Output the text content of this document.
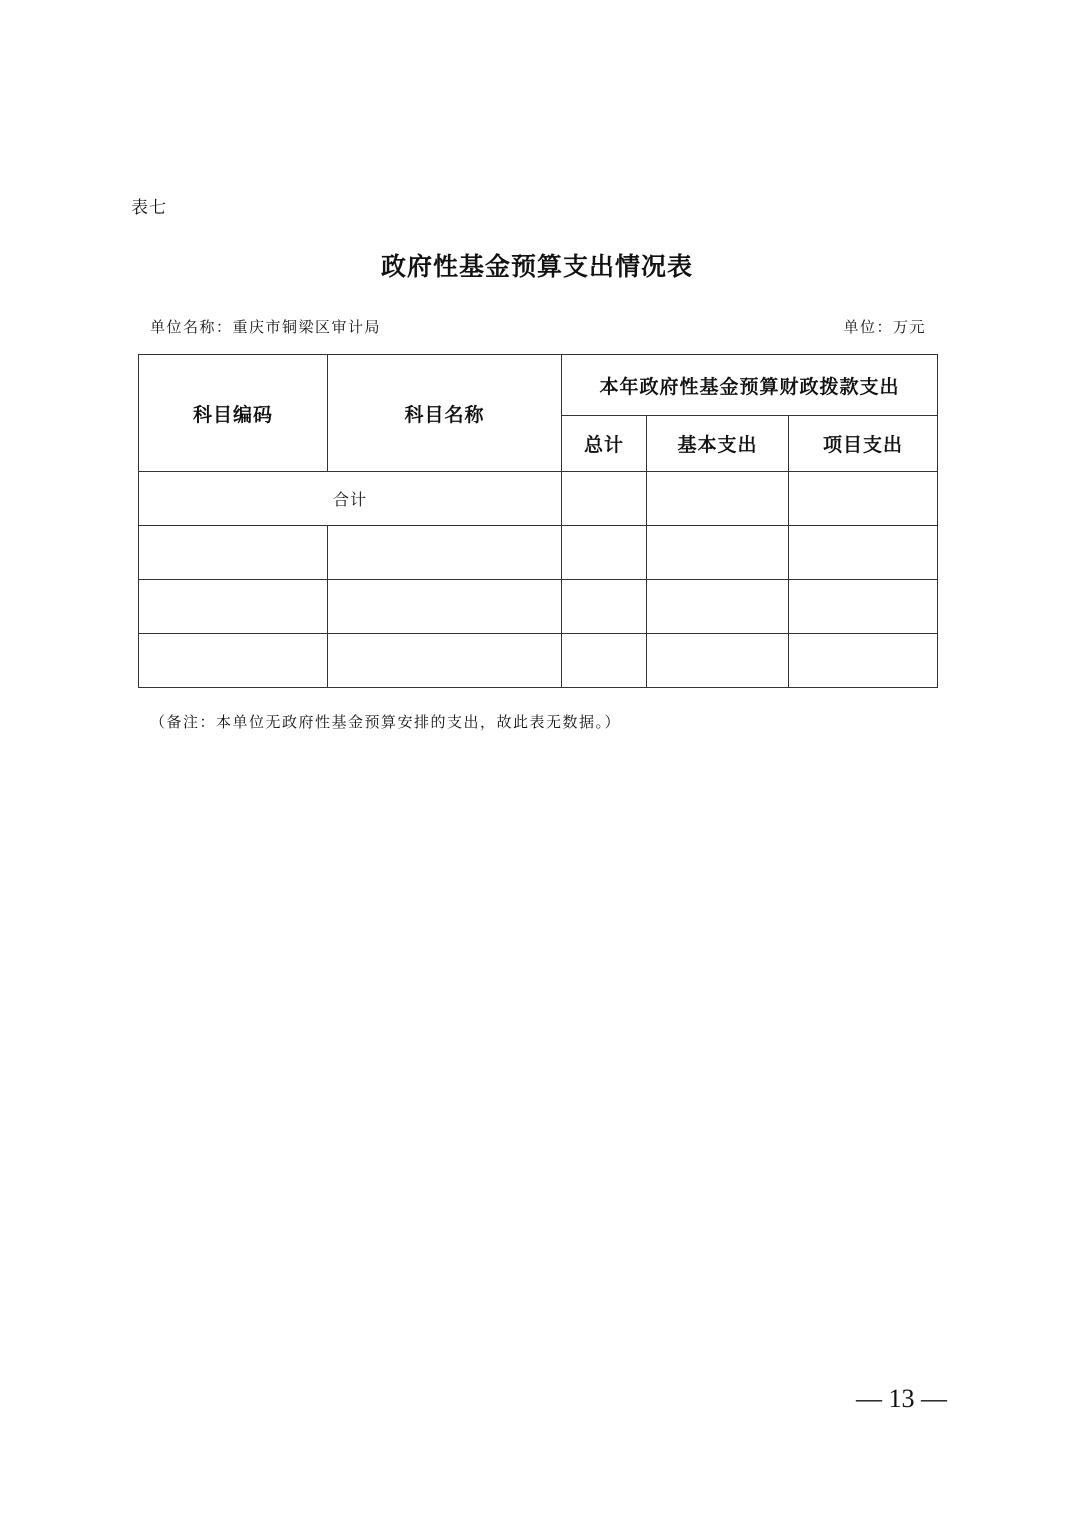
表七
政府性基金预算支出情况表
单位名称：重庆市铜梁区审计局	单位：万元
科目编码	科目名称	本年政府性基金预算财政拨款支出		
		总计	基本支出	项目支出
合计				

（备注：本单位无政府性基金预算安排的支出，故此表无数据。）
— 13 —
